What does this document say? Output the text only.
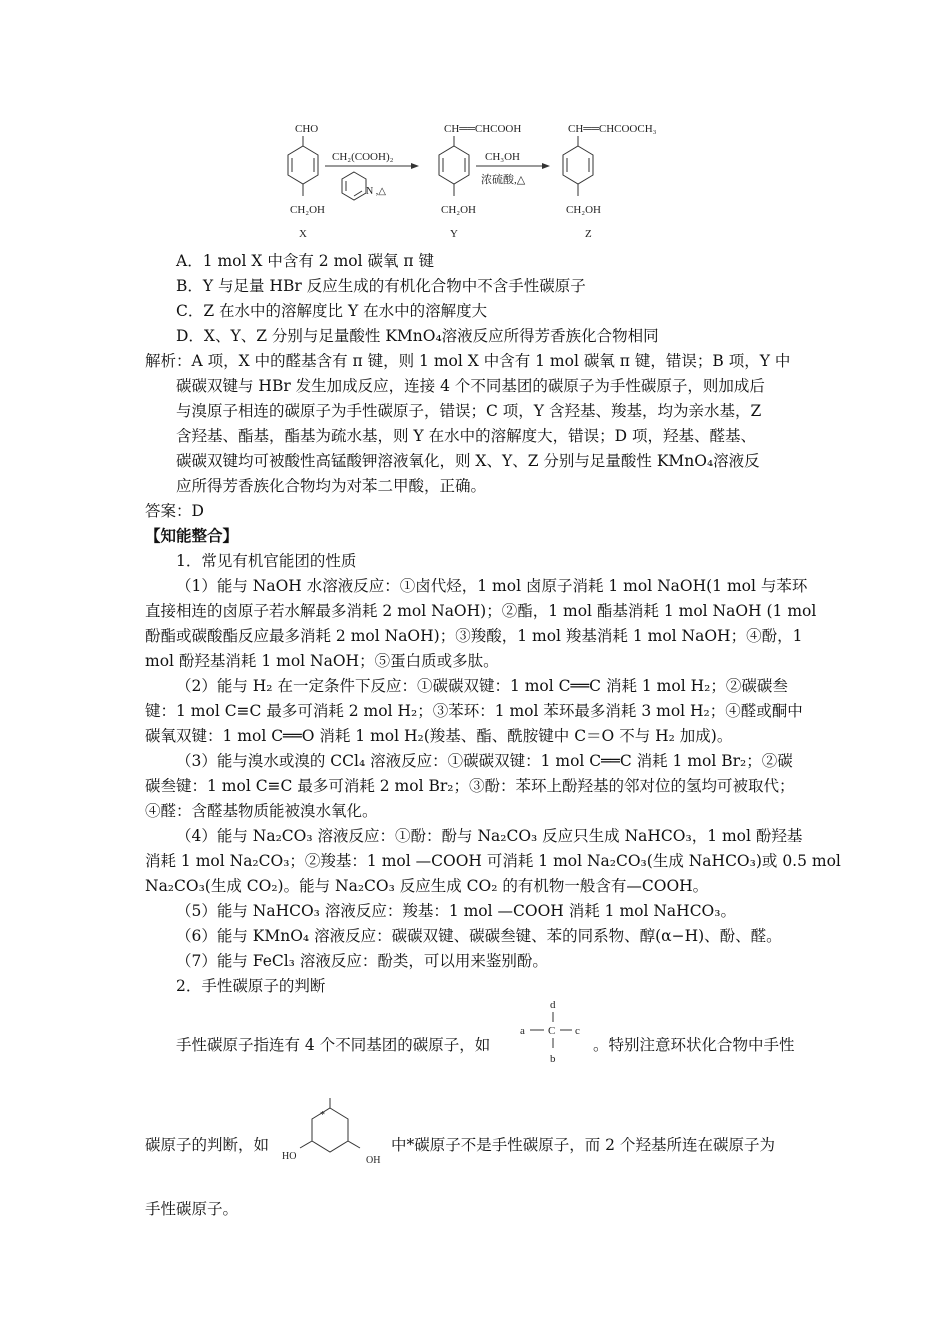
CHO
CH₂OH
X
CH₂(COOH)₂
N ,△
CH══CHCOOH
CH₂OH
Y
CH₃OH
浓硫酸,△
CH══CHCOOCH₃
CH₂OH
Z
A．1 mol X 中含有 2 mol 碳氧 π 键
B．Y 与足量 HBr 反应生成的有机化合物中不含手性碳原子
C．Z 在水中的溶解度比 Y 在水中的溶解度大
D．X、Y、Z 分别与足量酸性 KMnO₄溶液反应所得芳香族化合物相同
解析：A 项，X 中的醛基含有 π 键，则 1 mol X 中含有 1 mol 碳氧 π 键，错误；B 项，Y 中
碳碳双键与 HBr 发生加成反应，连接 4 个不同基团的碳原子为手性碳原子，则加成后
与溴原子相连的碳原子为手性碳原子，错误；C 项，Y 含羟基、羧基，均为亲水基，Z
含羟基、酯基，酯基为疏水基，则 Y 在水中的溶解度大，错误；D 项，羟基、醛基、
碳碳双键均可被酸性高锰酸钾溶液氧化，则 X、Y、Z 分别与足量酸性 KMnO₄溶液反
应所得芳香族化合物均为对苯二甲酸，正确。
答案：D
【知能整合】
1．常见有机官能团的性质
（1）能与 NaOH 水溶液反应：①卤代烃，1 mol 卤原子消耗 1 mol NaOH(1 mol 与苯环
直接相连的卤原子若水解最多消耗 2 mol NaOH)；②酯，1 mol 酯基消耗 1 mol NaOH (1 mol
酚酯或碳酸酯反应最多消耗 2 mol NaOH)；③羧酸，1 mol 羧基消耗 1 mol NaOH；④酚，1
mol 酚羟基消耗 1 mol NaOH；⑤蛋白质或多肽。
（2）能与 H₂ 在一定条件下反应：①碳碳双键：1 mol C══C 消耗 1 mol H₂；②碳碳叁
键：1 mol C≡C 最多可消耗 2 mol H₂；③苯环：1 mol 苯环最多消耗 3 mol H₂；④醛或酮中
碳氧双键：1 mol C══O 消耗 1 mol H₂(羧基、酯、酰胺键中 C＝O 不与 H₂ 加成)。
（3）能与溴水或溴的 CCl₄ 溶液反应：①碳碳双键：1 mol C══C 消耗 1 mol Br₂；②碳
碳叁键：1 mol C≡C 最多可消耗 2 mol Br₂；③酚：苯环上酚羟基的邻对位的氢均可被取代；
④醛：含醛基物质能被溴水氧化。
（4）能与 Na₂CO₃ 溶液反应：①酚：酚与 Na₂CO₃ 反应只生成 NaHCO₃，1 mol 酚羟基
消耗 1 mol Na₂CO₃；②羧基：1 mol —COOH 可消耗 1 mol Na₂CO₃(生成 NaHCO₃)或 0.5 mol
Na₂CO₃(生成 CO₂)。能与 Na₂CO₃ 反应生成 CO₂ 的有机物一般含有—COOH。
（5）能与 NaHCO₃ 溶液反应：羧基：1 mol —COOH 消耗 1 mol NaHCO₃。
（6）能与 KMnO₄ 溶液反应：碳碳双键、碳碳叁键、苯的同系物、醇(α−H)、酚、醛。
（7）能与 FeCl₃ 溶液反应：酚类，可以用来鉴别酚。
2．手性碳原子的判断
手性碳原子指连有 4 个不同基团的碳原子，如
d
a C c
b
。特别注意环状化合物中手性
碳原子的判断，如
*
HO	OH
中*碳原子不是手性碳原子，而 2 个羟基所连在碳原子为
手性碳原子。
